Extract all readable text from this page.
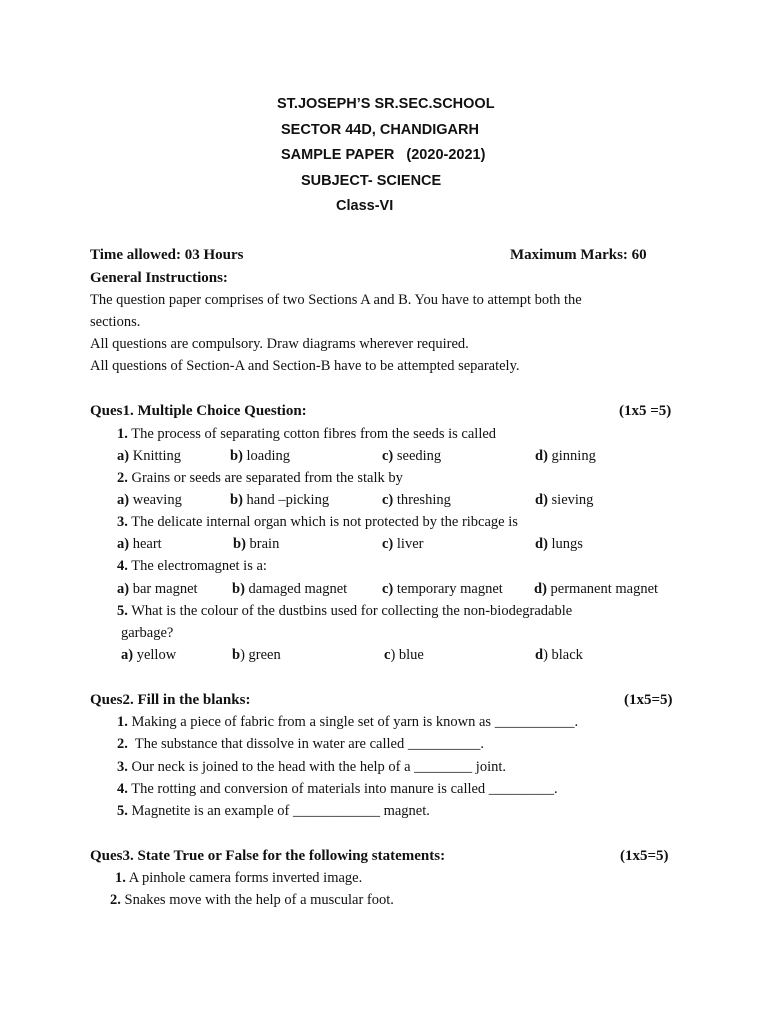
ST.JOSEPH’S SR.SEC.SCHOOL
SECTOR 44D, CHANDIGARH
SAMPLE PAPER   (2020-2021)
SUBJECT- SCIENCE
Class-VI
Time allowed: 03 Hours	Maximum Marks: 60
General Instructions:
The question paper comprises of two Sections A and B. You have to attempt both the
sections.
All questions are compulsory. Draw diagrams wherever required.
All questions of Section-A and Section-B have to be attempted separately.
Ques1. Multiple Choice Question:	(1x5 =5)
1. The process of separating cotton fibres from the seeds is called
a) Knitting	b) loading	c) seeding	d) ginning
2. Grains or seeds are separated from the stalk by
a) weaving	b) hand –picking	c) threshing	d) sieving
3. The delicate internal organ which is not protected by the ribcage is
a) heart	b) brain	c) liver	d) lungs
4. The electromagnet is a:
a) bar magnet b) damaged magnet c) temporary magnet d) permanent magnet
5. What is the colour of the dustbins used for collecting the non-biodegradable
garbage?
a) yellow	b) green	c) blue	d) black
Ques2. Fill in the blanks:	(1x5=5)
1. Making a piece of fabric from a single set of yarn is known as ___________.
2.  The substance that dissolve in water are called __________.
3. Our neck is joined to the head with the help of a ________ joint.
4. The rotting and conversion of materials into manure is called _________.
5. Magnetite is an example of ____________ magnet.
Ques3. State True or False for the following statements:	(1x5=5)
1. A pinhole camera forms inverted image.
2. Snakes move with the help of a muscular foot.
